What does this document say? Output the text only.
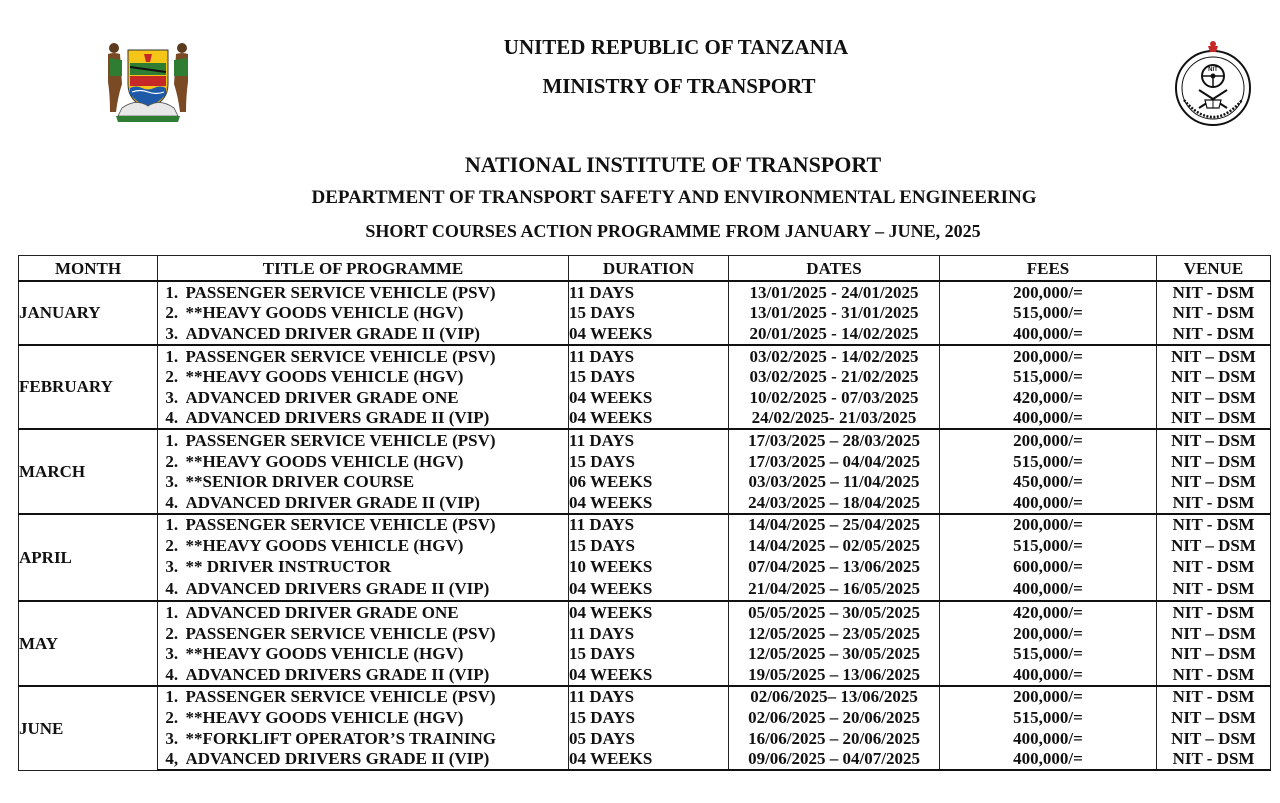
NIT
UNITED REPUBLIC OF TANZANIA
MINISTRY OF TRANSPORT
NATIONAL INSTITUTE OF TRANSPORT
DEPARTMENT OF TRANSPORT SAFETY AND ENVIRONMENTAL ENGINEERING
SHORT COURSES ACTION PROGRAMME FROM JANUARY – JUNE, 2025
MONTH	TITLE OF PROGRAMME		DURATION	DATES	FEES	VENUE
JANUARY	1.	PASSENGER SERVICE VEHICLE (PSV)	11 DAYS	13/01/2025 - 24/01/2025	200,000/=	NIT - DSM
	2.	**HEAVY GOODS VEHICLE (HGV)	15 DAYS	13/01/2025 - 31/01/2025	515,000/=	NIT - DSM
	3.	ADVANCED DRIVER GRADE II (VIP)	04 WEEKS	20/01/2025 - 14/02/2025	400,000/=	NIT - DSM
FEBRUARY	1.	PASSENGER SERVICE VEHICLE (PSV)	11 DAYS	03/02/2025 - 14/02/2025	200,000/=	NIT – DSM
	2.	**HEAVY GOODS VEHICLE (HGV)	15 DAYS	03/02/2025 - 21/02/2025	515,000/=	NIT – DSM
	3.	ADVANCED DRIVER GRADE ONE	04 WEEKS	10/02/2025 - 07/03/2025	420,000/=	NIT – DSM
	4.	ADVANCED DRIVERS GRADE II (VIP)	04 WEEKS	24/02/2025- 21/03/2025	400,000/=	NIT – DSM
MARCH	1.	PASSENGER SERVICE VEHICLE (PSV)	11 DAYS	17/03/2025 – 28/03/2025	200,000/=	NIT – DSM
	2.	**HEAVY GOODS VEHICLE (HGV)	15 DAYS	17/03/2025 – 04/04/2025	515,000/=	NIT – DSM
	3.	**SENIOR DRIVER COURSE	06 WEEKS	03/03/2025 – 11/04/2025	450,000/=	NIT – DSM
	4.	ADVANCED DRIVER GRADE II (VIP)	04 WEEKS	24/03/2025 – 18/04/2025	400,000/=	NIT - DSM
APRIL	1.	PASSENGER SERVICE VEHICLE (PSV)	11 DAYS	14/04/2025 – 25/04/2025	200,000/=	NIT - DSM
	2.	**HEAVY GOODS VEHICLE (HGV)	15 DAYS	14/04/2025 – 02/05/2025	515,000/=	NIT – DSM
	3.	** DRIVER INSTRUCTOR	10 WEEKS	07/04/2025 – 13/06/2025	600,000/=	NIT - DSM
	4.	ADVANCED DRIVERS GRADE II (VIP)	04 WEEKS	21/04/2025 – 16/05/2025	400,000/=	NIT - DSM
MAY	1.	ADVANCED DRIVER GRADE ONE	04 WEEKS	05/05/2025 – 30/05/2025	420,000/=	NIT - DSM
	2.	PASSENGER SERVICE VEHICLE (PSV)	11 DAYS	12/05/2025 – 23/05/2025	200,000/=	NIT – DSM
	3.	**HEAVY GOODS VEHICLE (HGV)	15 DAYS	12/05/2025 – 30/05/2025	515,000/=	NIT – DSM
	4.	ADVANCED DRIVERS GRADE II (VIP)	04 WEEKS	19/05/2025 – 13/06/2025	400,000/=	NIT - DSM
JUNE	1.	PASSENGER SERVICE VEHICLE (PSV)	11 DAYS	02/06/2025– 13/06/2025	200,000/=	NIT - DSM
	2.	**HEAVY GOODS VEHICLE (HGV)	15 DAYS	02/06/2025 – 20/06/2025	515,000/=	NIT – DSM
	3.	**FORKLIFT OPERATOR’S TRAINING	05 DAYS	16/06/2025 – 20/06/2025	400,000/=	NIT – DSM
	4,	ADVANCED DRIVERS GRADE II (VIP)	04 WEEKS	09/06/2025 – 04/07/2025	400,000/=	NIT - DSM
